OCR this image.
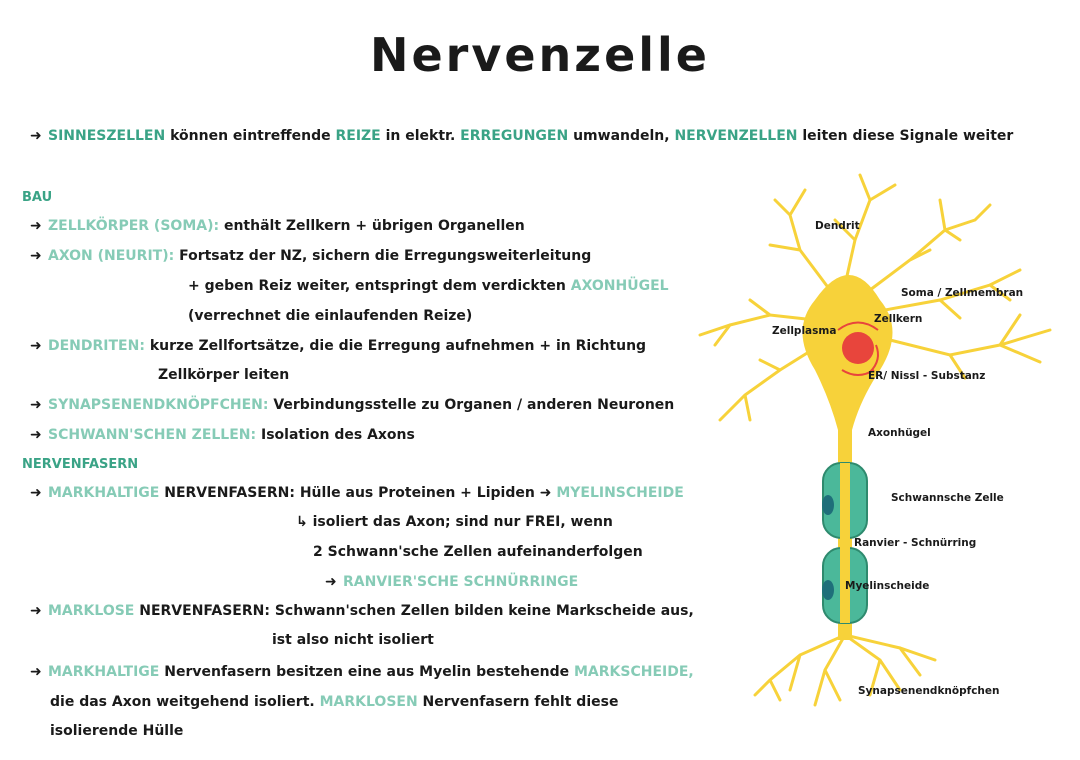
Nervenzelle
➜ SINNESZELLEN können eintreffende REIZE in elektr. ERREGUNGEN umwandeln, NERVENZELLEN leiten diese Signale weiter
BAU
➜ ZELLKÖRPER (SOMA): enthält Zellkern + übrigen Organellen
➜ AXON (NEURIT): Fortsatz der NZ, sichern die Erregungsweiterleitung
+ geben Reiz weiter, entspringt dem verdickten AXONHÜGEL
(verrechnet die einlaufenden Reize)
➜ DENDRITEN: kurze Zellfortsätze, die die Erregung aufnehmen + in Richtung
Zellkörper leiten
➜ SYNAPSENENDKNÖPFCHEN: Verbindungsstelle zu Organen / anderen Neuronen
➜ SCHWANN'SCHEN ZELLEN: Isolation des Axons
NERVENFASERN
➜ MARKHALTIGE NERVENFASERN: Hülle aus Proteinen + Lipiden ➜ MYELINSCHEIDE
↳ isoliert das Axon; sind nur FREI, wenn
2 Schwann'sche Zellen aufeinanderfolgen
➜ RANVIER'SCHE SCHNÜRRINGE
➜ MARKLOSE NERVENFASERN: Schwann'schen Zellen bilden keine Markscheide aus,
ist also nicht isoliert
➜ MARKHALTIGE Nervenfasern besitzen eine aus Myelin bestehende MARKSCHEIDE,
die das Axon weitgehend isoliert. MARKLOSEN Nervenfasern fehlt diese
isolierende Hülle
Dendrit
Soma / Zellmembran
Zellkern
Zellplasma
ER/ Nissl - Substanz
Axonhügel
Schwannsche Zelle
Ranvier - Schnürring
Myelinscheide
Synapsenendknöpfchen
